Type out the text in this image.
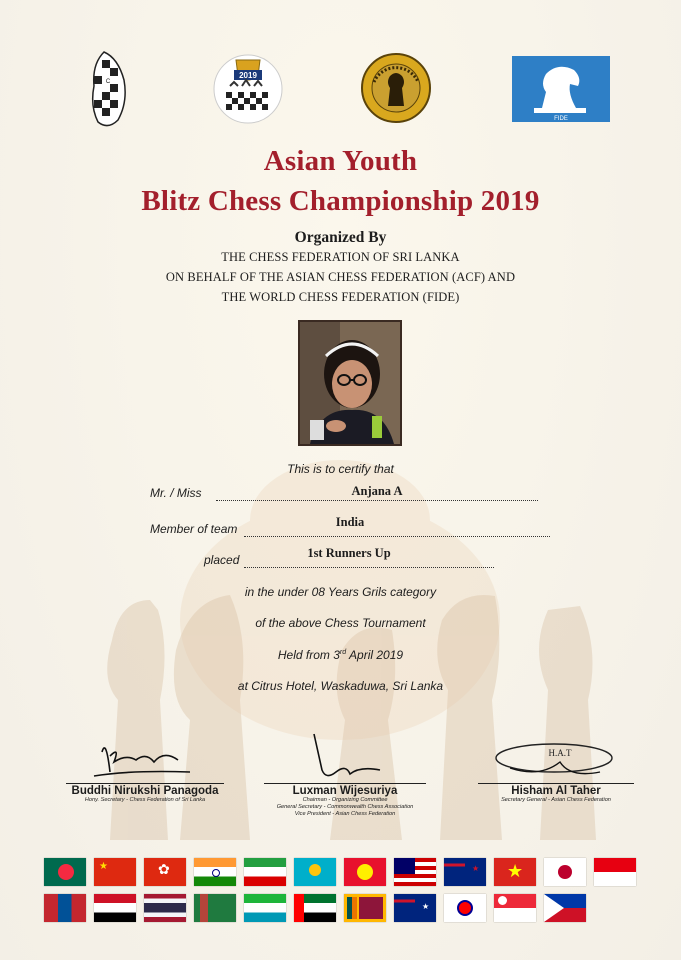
C
2019
FIDE
Asian Youth
Blitz Chess Championship 2019
Organized By
THE CHESS FEDERATION OF SRI LANKA
ON BEHALF OF THE ASIAN CHESS FEDERATION (ACF) AND
THE WORLD CHESS FEDERATION (FIDE)
This is to certify that
Mr. / Miss	Anjana A
Member of team	India
placed	1st Runners Up
in the under 08 Years Grils category
of the above Chess Tournament
Held from 3rd April 2019
at Citrus Hotel, Waskaduwa, Sri Lanka
H.A.T
Buddhi Nirukshi Panagoda
Hony. Secretary - Chess Federation of Sri Lanka
Luxman Wijesuriya
Chairman - Organizing Committee
General Secretary - Commonwealth Chess Association
Vice President - Asian Chess Federation
Hisham Al Taher
Secretary General - Asian Chess Federation
★	✿	★ ★
★
